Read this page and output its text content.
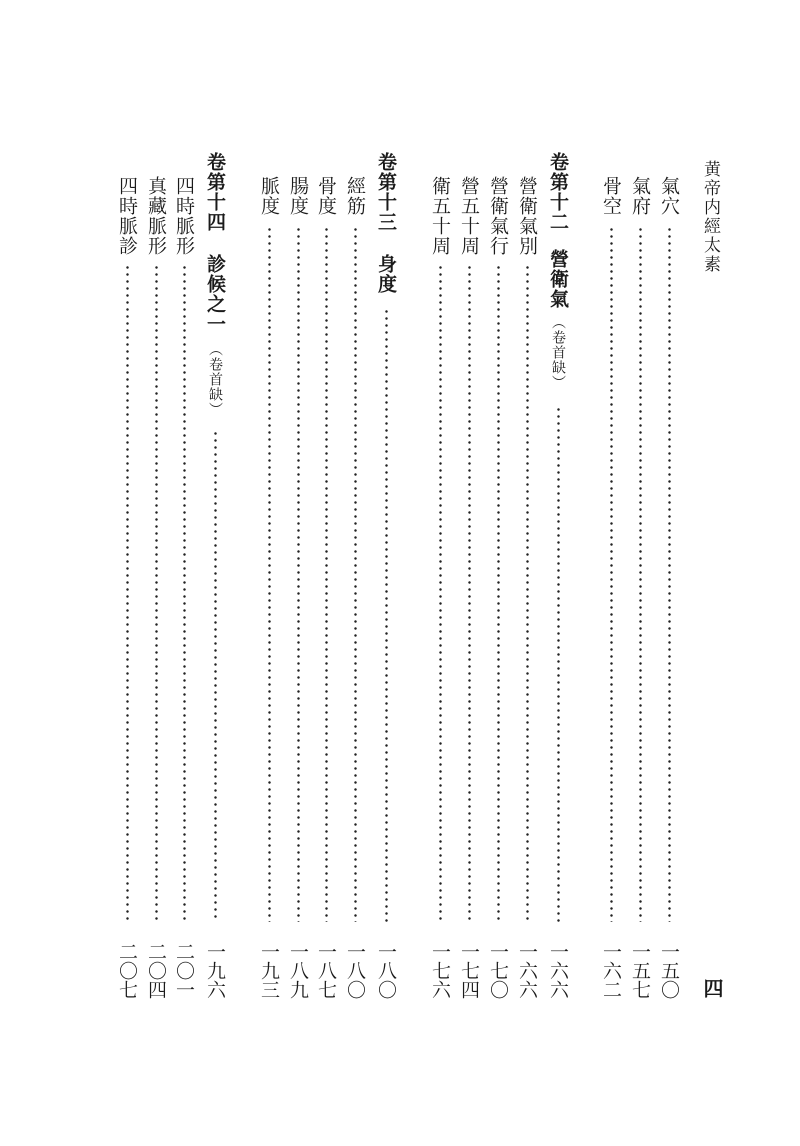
黄帝内經太素
四
氣穴
一五〇
氣府
一五七
骨空
一六二
卷第十二
營衛氣
（卷首缺）
一六六
營衛氣別
一六六
營衛氣行
一七〇
營五十周
一七四
衛五十周
一七六
卷第十三
身度
一八〇
經筋
一八〇
骨度
一八七
腸度
一八九
脈度
一九三
卷第十四
診候之一
（卷首缺）
一九六
四時脈形
二〇一
真藏脈形
二〇四
四時脈診
二〇七
